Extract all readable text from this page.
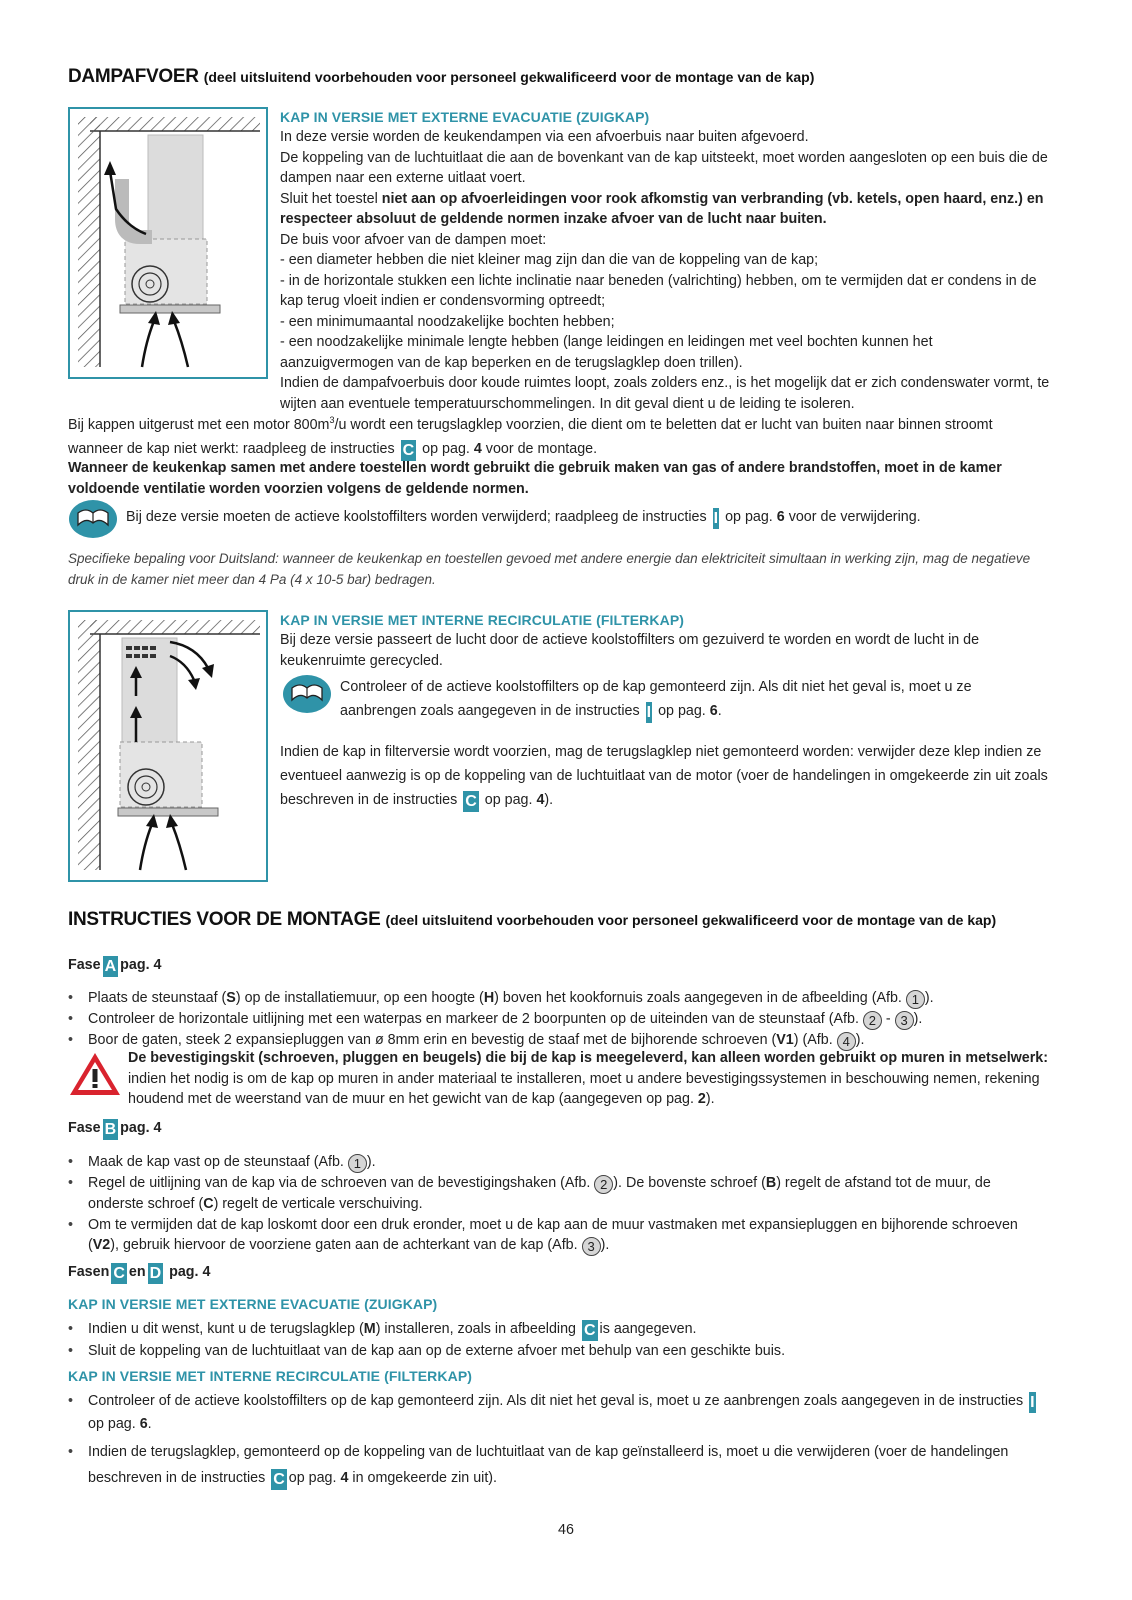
DAMPAFVOER (deel uitsluitend voorbehouden voor personeel gekwalificeerd voor de montage van de kap)
KAP IN VERSIE MET EXTERNE EVACUATIE (ZUIGKAP)

In deze versie worden de keukendampen via een afvoerbuis naar buiten afgevoerd.

De koppeling van de luchtuitlaat die aan de bovenkant van de kap uitsteekt, moet worden aangesloten op een buis die de dampen naar een externe uitlaat voert.

Sluit het toestel niet aan op afvoerleidingen voor rook afkomstig van verbranding (vb. ketels, open haard, enz.) en respecteer absoluut de geldende normen inzake afvoer van de lucht naar buiten.

De buis voor afvoer van de dampen moet:

- een diameter hebben die niet kleiner mag zijn dan die van de koppeling van de kap;

- in de horizontale stukken een lichte inclinatie naar beneden (valrichting) hebben, om te vermijden dat er condens in de kap terug vloeit indien er condensvorming optreedt;

- een minimumaantal noodzakelijke bochten hebben;

- een noodzakelijke minimale lengte hebben (lange leidingen en leidingen met veel bochten kunnen het aanzuigvermogen van de kap beperken en de terugslagklep doen trillen).

Indien de dampafvoerbuis door koude ruimtes loopt, zoals zolders enz., is het mogelijk dat er zich condenswater vormt, te wijten aan eventuele temperatuurschommelingen. In dit geval dient u de leiding te isoleren.

Bij kappen uitgerust met een motor $800m^3/u$ wordt een terugslagklep voorzien, die dient om te beletten dat er lucht van buiten naar binnen stroomt wanneer de kap niet werkt: raadpleeg de instructies C op pag. 4 voor de montage.
Wanneer de keukenkap samen met andere toestellen wordt gebruikt die gebruik maken van gas of andere brandstoffen, moet in de kamer voldoende ventilatie worden voorzien volgens de geldende normen.
Bij deze versie moeten de actieve koolstoffilters worden verwijderd; raadpleeg de instructies I op pag. 6 voor de verwijdering.
Specifieke bepaling voor Duitsland: wanneer de keukenkap en toestellen gevoed met andere energie dan elektriciteit simultaan in werking zijn, mag de negatieve druk in de kamer niet meer dan 4 Pa (4 x 10-5 bar) bedragen.
KAP IN VERSIE MET INTERNE RECIRCULATIE (FILTERKAP)
Bij deze versie passeert de lucht door de actieve koolstoffilters om gezuiverd te worden en wordt de lucht in de keukenruimte gerecycled.
Controleer of de actieve koolstoffilters op de kap gemonteerd zijn. Als dit niet het geval is, moet u ze aanbrengen zoals aangegeven in de instructies I op pag. 6.
Indien de kap in filterversie wordt voorzien, mag de terugslagklep niet gemonteerd worden: verwijder deze klep indien ze eventueel aanwezig is op de koppeling van de luchtuitlaat van de motor (voer de handelingen in omgekeerde zin uit zoals beschreven in de instructies C op pag. 4).
INSTRUCTIES VOOR DE MONTAGE (deel uitsluitend voorbehouden voor personeel gekwalificeerd voor de montage van de kap)
Fase A pag. 4
• Plaats de steunstaaf (S) op de installatiemuur, op een hoogte (H) boven het kookfornuis zoals aangegeven in de afbeelding (Afb. 1 ).
• Controleer de horizontale uitlijning met een waterpas en markeer de 2 boorpunten op de uiteinden van de steunstaaf (Afb. 2 - 3 ).
• Boor de gaten, steek 2 expansiepluggen van ø 8mm erin en bevestig de staaf met de bijhorende schroeven (V1) (Afb. 4 ).
De bevestigingskit (schroeven, pluggen en beugels) die bij de kap is meegeleverd, kan alleen worden gebruikt op muren in metselwerk: indien het nodig is om de kap op muren in ander materiaal te installeren, moet u andere bevestigingssystemen in beschouwing nemen, rekening houdend met de weerstand van de muur en het gewicht van de kap (aangegeven op pag. 2).
Fase B pag. 4
• Maak de kap vast op de steunstaaf (Afb. 1 ).
• Regel de uitlijning van de kap via de schroeven van de bevestigingshaken (Afb. 2 ). De bovenste schroef (B) regelt de afstand tot de muur, de onderste schroef (C) regelt de verticale verschuiving.
• Om te vermijden dat de kap loskomt door een druk eronder, moet u de kap aan de muur vastmaken met expansiepluggen en bijhorende schroeven (V2), gebruik hiervoor de voorziene gaten aan de achterkant van de kap (Afb. 3 ).
Fasen C en D pag. 4
KAP IN VERSIE MET EXTERNE EVACUATIE (ZUIGKAP)
• Indien u dit wenst, kunt u de terugslagklep (M) installeren, zoals in afbeelding C is aangegeven.
• Sluit de koppeling van de luchtuitlaat van de kap aan op de externe afvoer met behulp van een geschikte buis.
KAP IN VERSIE MET INTERNE RECIRCULATIE (FILTERKAP)
• Controleer of de actieve koolstoffilters op de kap gemonteerd zijn. Als dit niet het geval is, moet u ze aanbrengen zoals aangegeven in de instructies Iop pag. 6.
• Indien de terugslagklep, gemonteerd op de koppeling van de luchtuitlaat van de kap geïnstalleerd is, moet u die verwijderen (voer de handelingen beschreven in de instructies C op pag. 4 in omgekeerde zin uit).
46
